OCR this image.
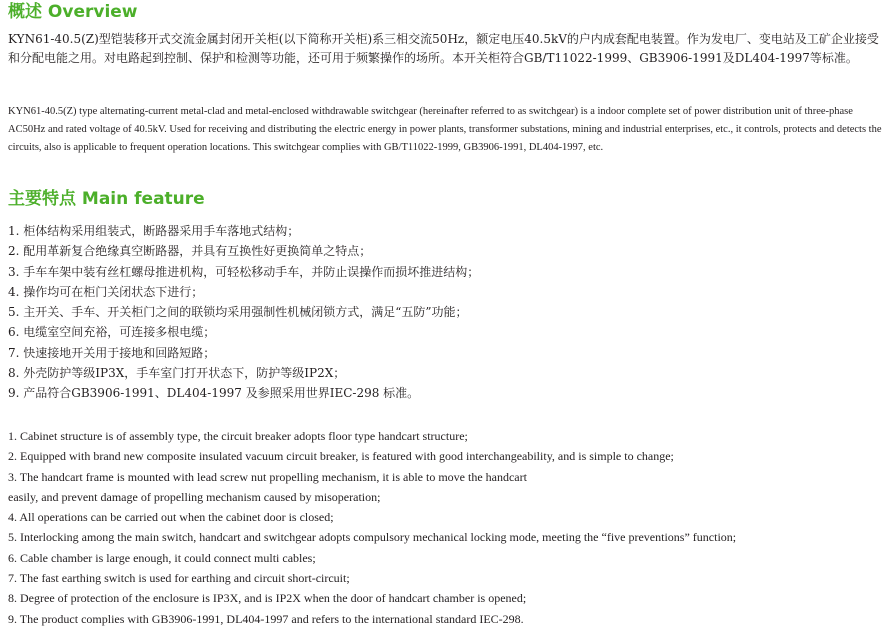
概述 Overview

KYN61-40.5(Z)型铠装移开式交流金属封闭开关柜(以下简称开关柜)系三相交流50Hz，额定电压40.5kV的户内成套配电装置。作为发电厂、变电站及工矿企业接受和分配电能之用。对电路起到控制、保护和检测等功能，还可用于频繁操作的场所。本开关柜符合GB/T11022-1999、GB3906-1991及DL404-1997等标准。

KYN61-40.5(Z) type alternating-current metal-clad and metal-enclosed withdrawable switchgear (hereinafter referred to as switchgear) is a indoor complete set of power distribution unit of three-phase AC50Hz and rated voltage of 40.5kV. Used for receiving and distributing the electric energy in power plants, transformer substations, mining and industrial enterprises, etc., it controls, protects and detects the circuits, also is applicable to frequent operation locations. This switchgear complies with GB/T11022-1999, GB3906-1991, DL404-1997, etc.

主要特点 Main feature
1. 柜体结构采用组装式，断路器采用手车落地式结构；
2. 配用革新复合绝缘真空断路器，并具有互换性好更换简单之特点；
3. 手车车架中装有丝杠螺母推进机构，可轻松移动手车，并防止误操作而损坏推进结构；
4. 操作均可在柜门关闭状态下进行；
5. 主开关、手车、开关柜门之间的联锁均采用强制性机械闭锁方式，满足“五防”功能；
6. 电缆室空间充裕，可连接多根电缆；
7. 快速接地开关用于接地和回路短路；
8. 外壳防护等级IP3X，手车室门打开状态下，防护等级IP2X；
9. 产品符合GB3906-1991、DL404-1997 及参照采用世界IEC-298 标准。
1. Cabinet structure is of assembly type, the circuit breaker adopts floor type handcart structure;
2. Equipped with brand new composite insulated vacuum circuit breaker, is featured with good interchangeability, and is simple to change;
3. The handcart frame is mounted with lead screw nut propelling mechanism, it is able to move the handcart
easily, and prevent damage of propelling mechanism caused by misoperation;
4. All operations can be carried out when the cabinet door is closed;
5. Interlocking among the main switch, handcart and switchgear adopts compulsory mechanical locking mode, meeting the “five preventions” function;
6. Cable chamber is large enough, it could connect multi cables;
7. The fast earthing switch is used for earthing and circuit short-circuit;
8. Degree of protection of the enclosure is IP3X, and is IP2X when the door of handcart chamber is opened;
9. The product complies with GB3906-1991, DL404-1997 and refers to the international standard IEC-298.
